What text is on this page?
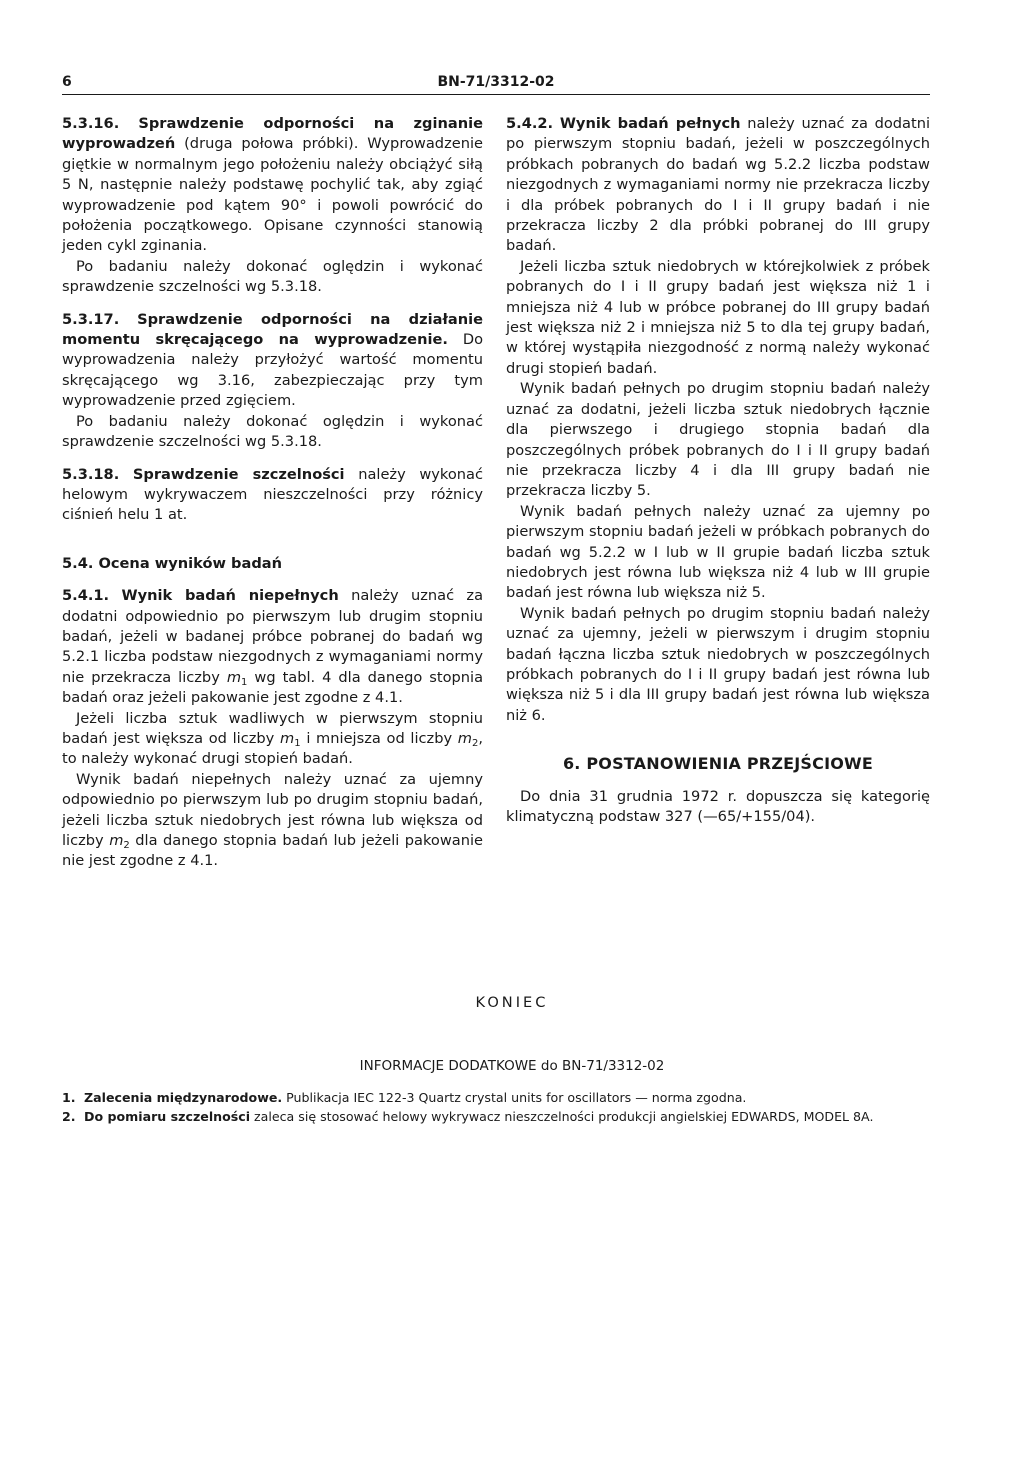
6	BN-71/3312-02

5.3.16. Sprawdzenie odporności na zginanie wyprowadzeń (druga połowa próbki). Wyprowadzenie giętkie w normalnym jego położeniu należy obciążyć siłą 5 N, następnie należy podstawę pochylić tak, aby zgiąć wyprowadzenie pod kątem 90° i powoli powrócić do położenia początkowego. Opisane czynności stanowią jeden cykl zginania.

Po badaniu należy dokonać oględzin i wykonać sprawdzenie szczelności wg 5.3.18.

5.3.17. Sprawdzenie odporności na działanie momentu skręcającego na wyprowadzenie. Do wyprowadzenia należy przyłożyć wartość momentu skręcającego wg 3.16, zabezpieczając przy tym wyprowadzenie przed zgięciem.

Po badaniu należy dokonać oględzin i wykonać sprawdzenie szczelności wg 5.3.18.

5.3.18. Sprawdzenie szczelności należy wykonać helowym wykrywaczem nieszczelności przy różnicy ciśnień helu 1 at.

5.4. Ocena wyników badań

5.4.1. Wynik badań niepełnych należy uznać za dodatni odpowiednio po pierwszym lub drugim stopniu badań, jeżeli w badanej próbce pobranej do badań wg 5.2.1 liczba podstaw niezgodnych z wymaganiami normy nie przekracza liczby $m_1$ wg tabl. 4 dla danego stopnia badań oraz jeżeli pakowanie jest zgodne z 4.1.

Jeżeli liczba sztuk wadliwych w pierwszym stopniu badań jest większa od liczby $m_1$ i mniejsza od liczby $m_2$, to należy wykonać drugi stopień badań.

Wynik badań niepełnych należy uznać za ujemny odpowiednio po pierwszym lub po drugim stopniu badań, jeżeli liczba sztuk niedobrych jest równa lub większa od liczby $m_2$ dla danego stopnia badań lub jeżeli pakowanie nie jest zgodne z 4.1.

5.4.2. Wynik badań pełnych należy uznać za dodatni po pierwszym stopniu badań, jeżeli w poszczególnych próbkach pobranych do badań wg 5.2.2 liczba podstaw niezgodnych z wymaganiami normy nie przekracza liczby i dla próbek pobranych do I i II grupy badań i nie przekracza liczby 2 dla próbki pobranej do III grupy badań.

Jeżeli liczba sztuk niedobrych w którejkolwiek z próbek pobranych do I i II grupy badań jest większa niż 1 i mniejsza niż 4 lub w próbce pobranej do III grupy badań jest większa niż 2 i mniejsza niż 5 to dla tej grupy badań, w której wystąpiła niezgodność z normą należy wykonać drugi stopień badań.

Wynik badań pełnych po drugim stopniu badań należy uznać za dodatni, jeżeli liczba sztuk niedobrych łącznie dla pierwszego i drugiego stopnia badań dla poszczególnych próbek pobranych do I i II grupy badań nie przekracza liczby 4 i dla III grupy badań nie przekracza liczby 5.

Wynik badań pełnych należy uznać za ujemny po pierwszym stopniu badań jeżeli w próbkach pobranych do badań wg 5.2.2 w I lub w II grupie badań liczba sztuk niedobrych jest równa lub większa niż 4 lub w III grupie badań jest równa lub większa niż 5.

Wynik badań pełnych po drugim stopniu badań należy uznać za ujemny, jeżeli w pierwszym i drugim stopniu badań łączna liczba sztuk niedobrych w poszczególnych próbkach pobranych do I i II grupy badań jest równa lub większa niż 5 i dla III grupy badań jest równa lub większa niż 6.

6. POSTANOWIENIA PRZEJŚCIOWE

Do dnia 31 grudnia 1972 r. dopuszcza się kategorię klimatyczną podstaw 327 (—65/+155/04).

KONIEC
INFORMACJE DODATKOWE do BN-71/3312-02
1. Zalecenia międzynarodowe. Publikacja IEC 122-3 Quartz crystal units for oscillators — norma zgodna.
2. Do pomiaru szczelności zaleca się stosować helowy wykrywacz nieszczelności produkcji angielskiej EDWARDS, MODEL 8A.
